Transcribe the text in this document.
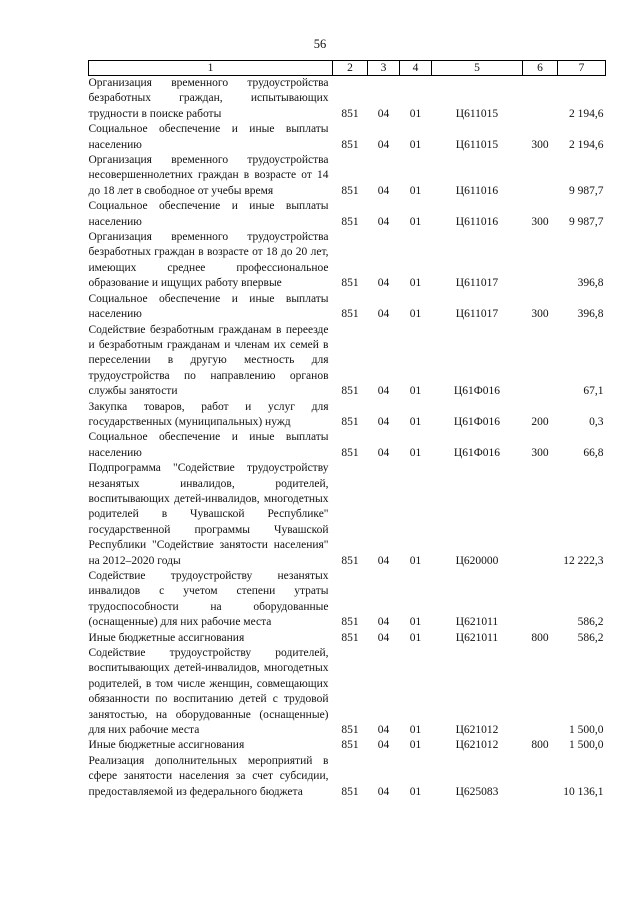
56
1	2	3	4	5	6	7

Организация временного трудоустройства безработных граждан, испытывающих трудности в поиске работы	851	04	01	Ц611015		2 194,6

Социальное обеспечение и иные выплаты населению	851	04	01	Ц611015	300	2 194,6

Организация временного трудоустройства несовершеннолетних граждан в возрасте от 14 до 18 лет в свободное от учебы время	851	04	01	Ц611016		9 987,7

Социальное обеспечение и иные выплаты населению	851	04	01	Ц611016	300	9 987,7

Организация временного трудоустройства безработных граждан в возрасте от 18 до 20 лет, имеющих среднее профессиональное образование и ищущих работу впервые	851	04	01	Ц611017		396,8

Социальное обеспечение и иные выплаты населению	851	04	01	Ц611017	300	396,8

Содействие безработным гражданам в переезде и безработным гражданам и членам их семей в переселении в другую местность для трудоустройства по направлению органов службы занятости	851	04	01	Ц61Ф016		67,1

Закупка товаров, работ и услуг для государственных (муниципальных) нужд	851	04	01	Ц61Ф016	200	0,3

Социальное обеспечение и иные выплаты населению	851	04	01	Ц61Ф016	300	66,8

Подпрограмма "Содействие трудоустройству незанятых инвалидов, родителей, воспитывающих детей-инвалидов, многодетных родителей в Чувашской Республике" государственной программы Чувашской Республики "Содействие занятости населения" на 2012–2020 годы	851	04	01	Ц620000		12 222,3

Содействие трудоустройству незанятых инвалидов с учетом степени утраты трудоспособности на оборудованные (оснащенные) для них рабочие места	851	04	01	Ц621011		586,2

Иные бюджетные ассигнования	851	04	01	Ц621011	800	586,2

Содействие трудоустройству родителей, воспитывающих детей-инвалидов, многодетных родителей, в том числе женщин, совмещающих обязанности по воспитанию детей с трудовой занятостью, на оборудованные (оснащенные) для них рабочие места	851	04	01	Ц621012		1 500,0

Иные бюджетные ассигнования	851	04	01	Ц621012	800	1 500,0

Реализация дополнительных мероприятий в сфере занятости населения за счет субсидии, предоставляемой из федерального бюджета	851	04	01	Ц625083		10 136,1
